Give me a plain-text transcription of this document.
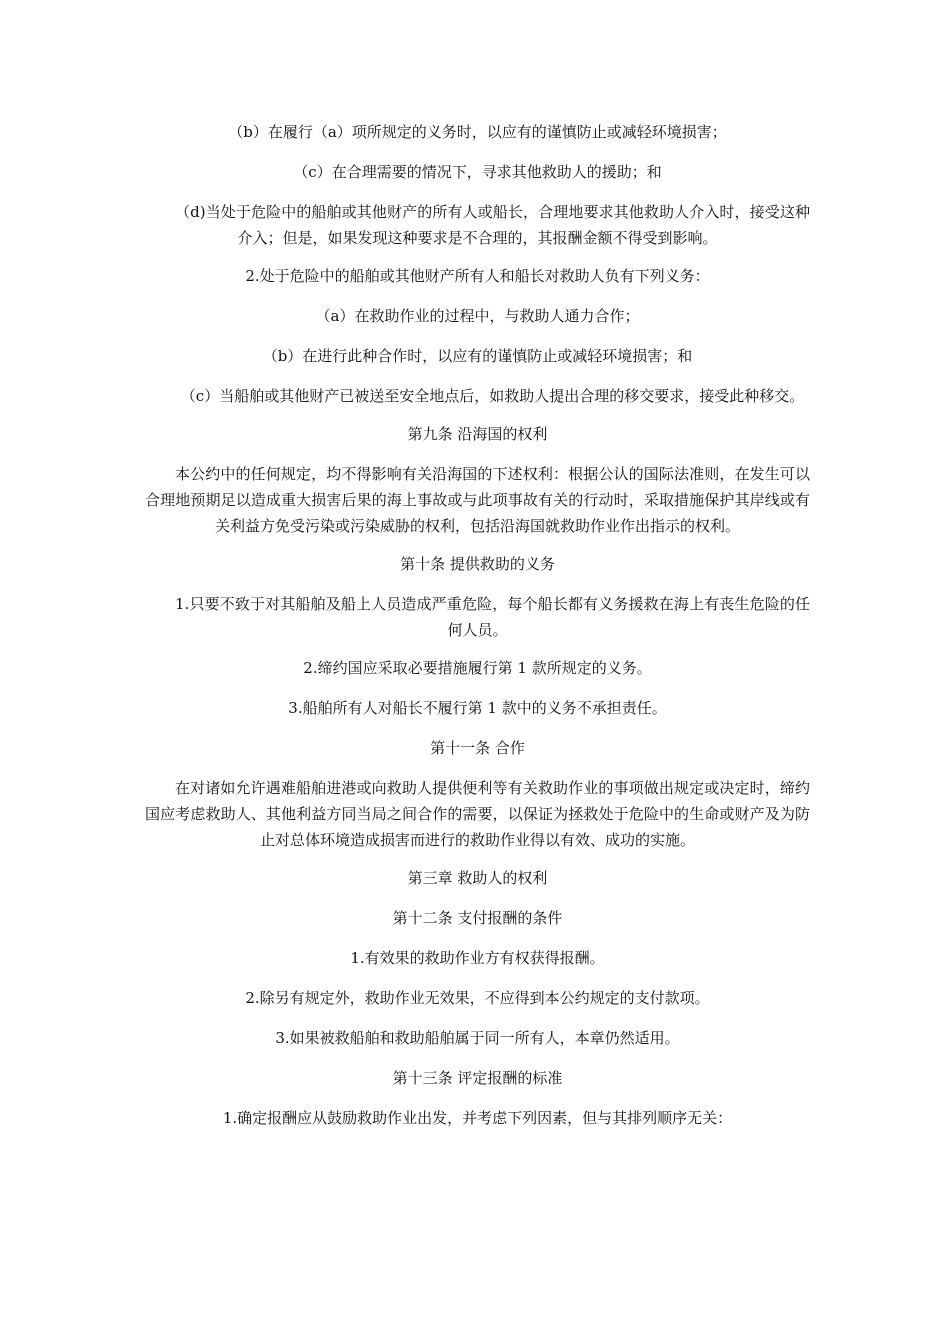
（b）在履行（a）项所规定的义务时，以应有的谨慎防止或减轻环境损害；

（c）在合理需要的情况下，寻求其他救助人的援助；和

（d)当处于危险中的船舶或其他财产的所有人或船长，合理地要求其他救助人介入时，接受这种介入；但是，如果发现这种要求是不合理的，其报酬金额不得受到影响。

2.处于危险中的船舶或其他财产所有人和船长对救助人负有下列义务：

（a）在救助作业的过程中，与救助人通力合作；

（b）在进行此种合作时，以应有的谨慎防止或减轻环境损害；和

（c）当船舶或其他财产已被送至安全地点后，如救助人提出合理的移交要求，接受此种移交。

第九条 沿海国的权利

本公约中的任何规定，均不得影响有关沿海国的下述权利：根据公认的国际法准则，在发生可以合理地预期足以造成重大损害后果的海上事故或与此项事故有关的行动时，采取措施保护其岸线或有关利益方免受污染或污染威胁的权利，包括沿海国就救助作业作出指示的权利。

第十条 提供救助的义务

1.只要不致于对其船舶及船上人员造成严重危险，每个船长都有义务援救在海上有丧生危险的任何人员。

2.缔约国应采取必要措施履行第 1 款所规定的义务。

3.船舶所有人对船长不履行第 1 款中的义务不承担责任。

第十一条 合作

在对诸如允许遇难船舶进港或向救助人提供便利等有关救助作业的事项做出规定或决定时，缔约国应考虑救助人、其他利益方同当局之间合作的需要，以保证为拯救处于危险中的生命或财产及为防止对总体环境造成损害而进行的救助作业得以有效、成功的实施。

第三章 救助人的权利

第十二条 支付报酬的条件

1.有效果的救助作业方有权获得报酬。

2.除另有规定外，救助作业无效果，不应得到本公约规定的支付款项。

3.如果被救船舶和救助船舶属于同一所有人，本章仍然适用。

第十三条 评定报酬的标准

1.确定报酬应从鼓励救助作业出发，并考虑下列因素，但与其排列顺序无关：
